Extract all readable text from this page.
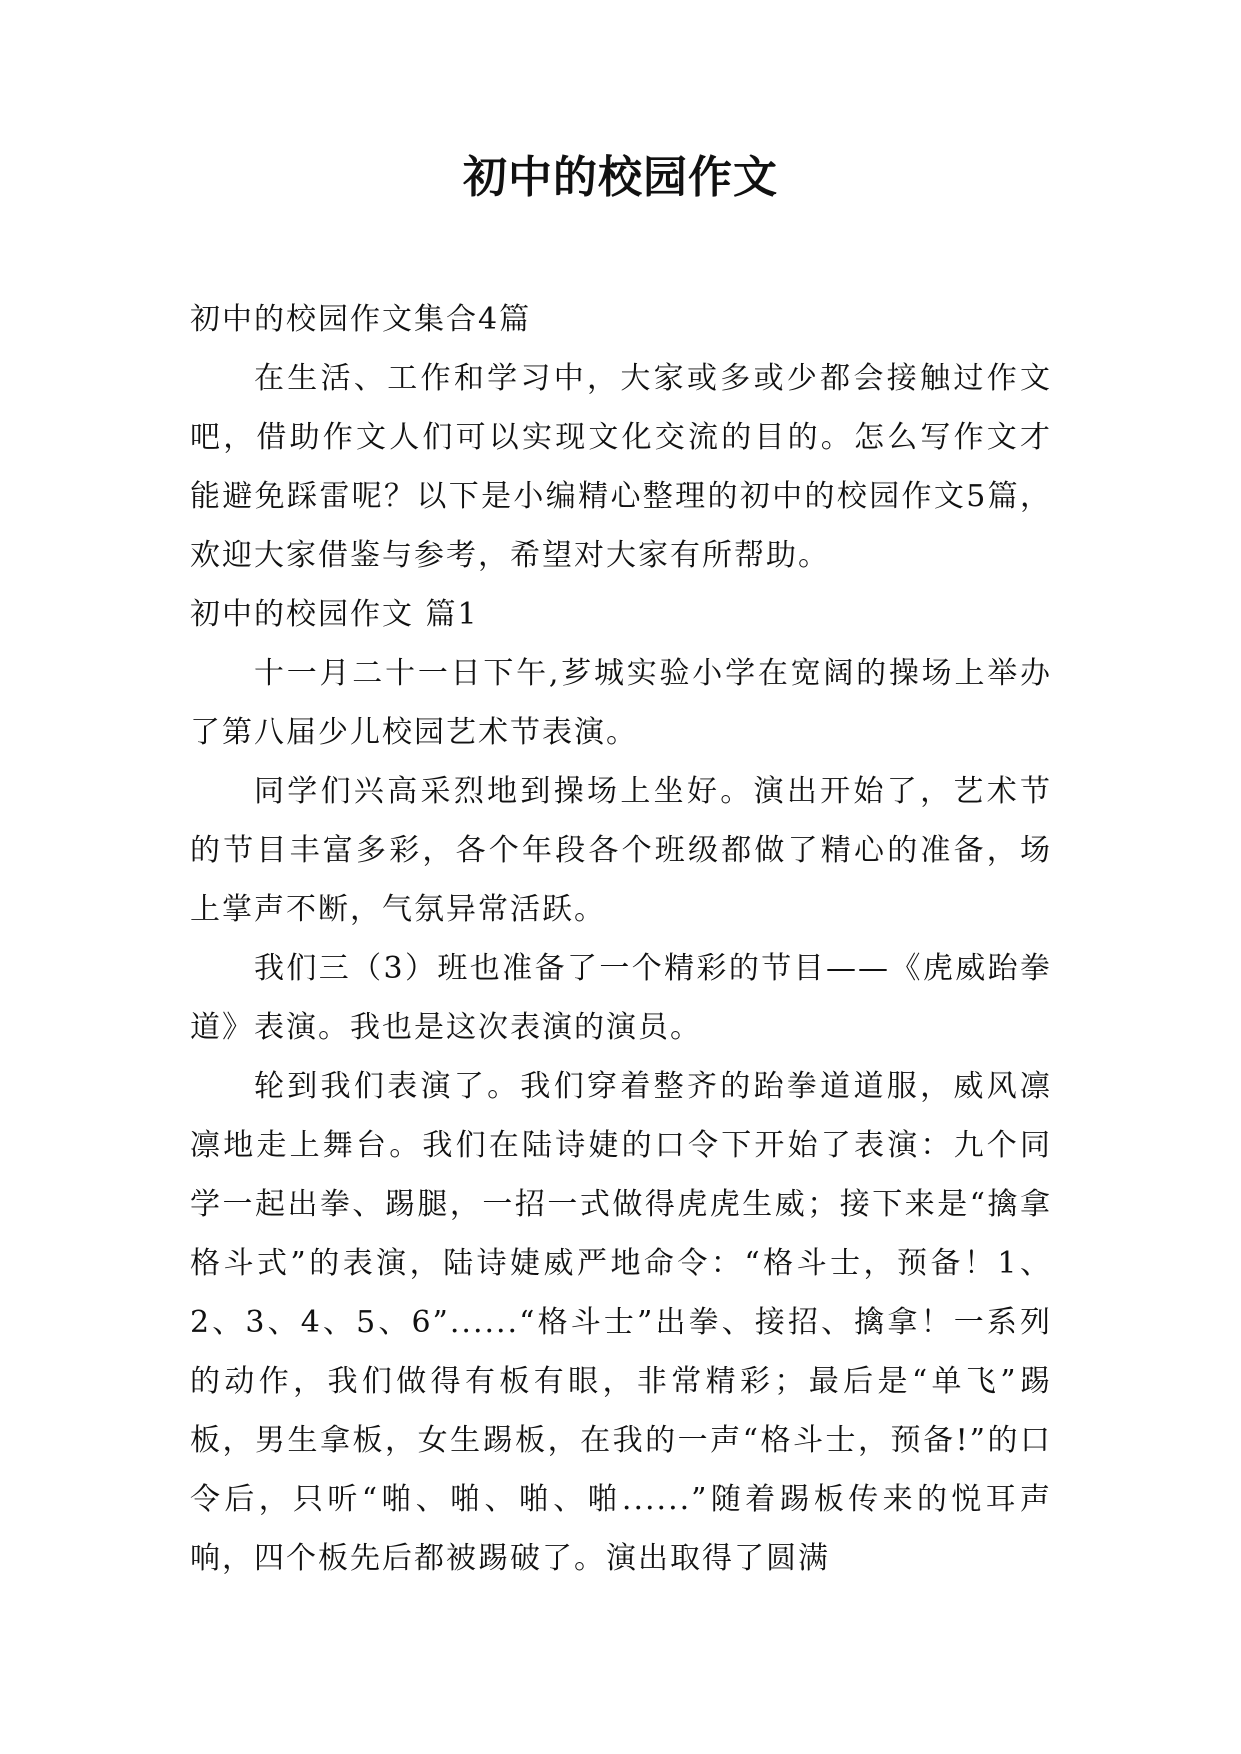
初中的校园作文

初中的校园作文集合4篇

在生活、工作和学习中，大家或多或少都会接触过作文吧，借助作文人们可以实现文化交流的目的。怎么写作文才能避免踩雷呢？以下是小编精心整理的初中的校园作文5篇，欢迎大家借鉴与参考，希望对大家有所帮助。

初中的校园作文 篇1

十一月二十一日下午,芗城实验小学在宽阔的操场上举办了第八届少儿校园艺术节表演。

同学们兴高采烈地到操场上坐好。演出开始了，艺术节的节目丰富多彩，各个年段各个班级都做了精心的准备，场上掌声不断，气氛异常活跃。

我们三（3）班也准备了一个精彩的节目——《虎威跆拳道》表演。我也是这次表演的演员。

轮到我们表演了。我们穿着整齐的跆拳道道服，威风凛凛地走上舞台。我们在陆诗婕的口令下开始了表演：九个同学一起出拳、踢腿，一招一式做得虎虎生威；接下来是“擒拿格斗式”的表演，陆诗婕威严地命令：“格斗士，预备！1、2、3、4、5、6”......“格斗士”出拳、接招、擒拿！一系列的动作，我们做得有板有眼，非常精彩；最后是“单飞”踢板，男生拿板，女生踢板，在我的一声“格斗士，预备!”的口令后，只听“啪、啪、啪、啪......”随着踢板传来的悦耳声响，四个板先后都被踢破了。演出取得了圆满
